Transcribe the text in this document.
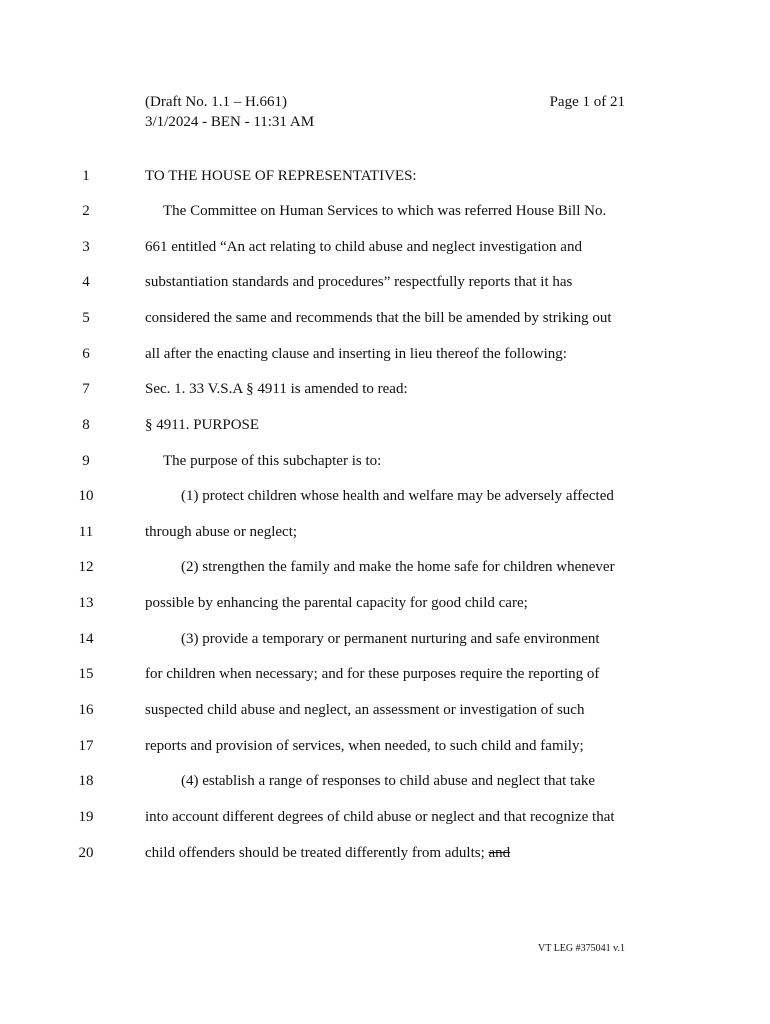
(Draft No. 1.1 – H.661)
3/1/2024 - BEN - 11:31 AM
Page 1 of 21
1	TO THE HOUSE OF REPRESENTATIVES:
2	The Committee on Human Services to which was referred House Bill No.
3	661 entitled “An act relating to child abuse and neglect investigation and
4	substantiation standards and procedures” respectfully reports that it has
5	considered the same and recommends that the bill be amended by striking out
6	all after the enacting clause and inserting in lieu thereof the following:
7	Sec. 1. 33 V.S.A § 4911 is amended to read:
8	§ 4911. PURPOSE
9	The purpose of this subchapter is to:
10	(1) protect children whose health and welfare may be adversely affected
11	through abuse or neglect;
12	(2) strengthen the family and make the home safe for children whenever
13	possible by enhancing the parental capacity for good child care;
14	(3) provide a temporary or permanent nurturing and safe environment
15	for children when necessary; and for these purposes require the reporting of
16	suspected child abuse and neglect, an assessment or investigation of such
17	reports and provision of services, when needed, to such child and family;
18	(4) establish a range of responses to child abuse and neglect that take
19	into account different degrees of child abuse or neglect and that recognize that
20	child offenders should be treated differently from adults; and
VT LEG #375041 v.1
